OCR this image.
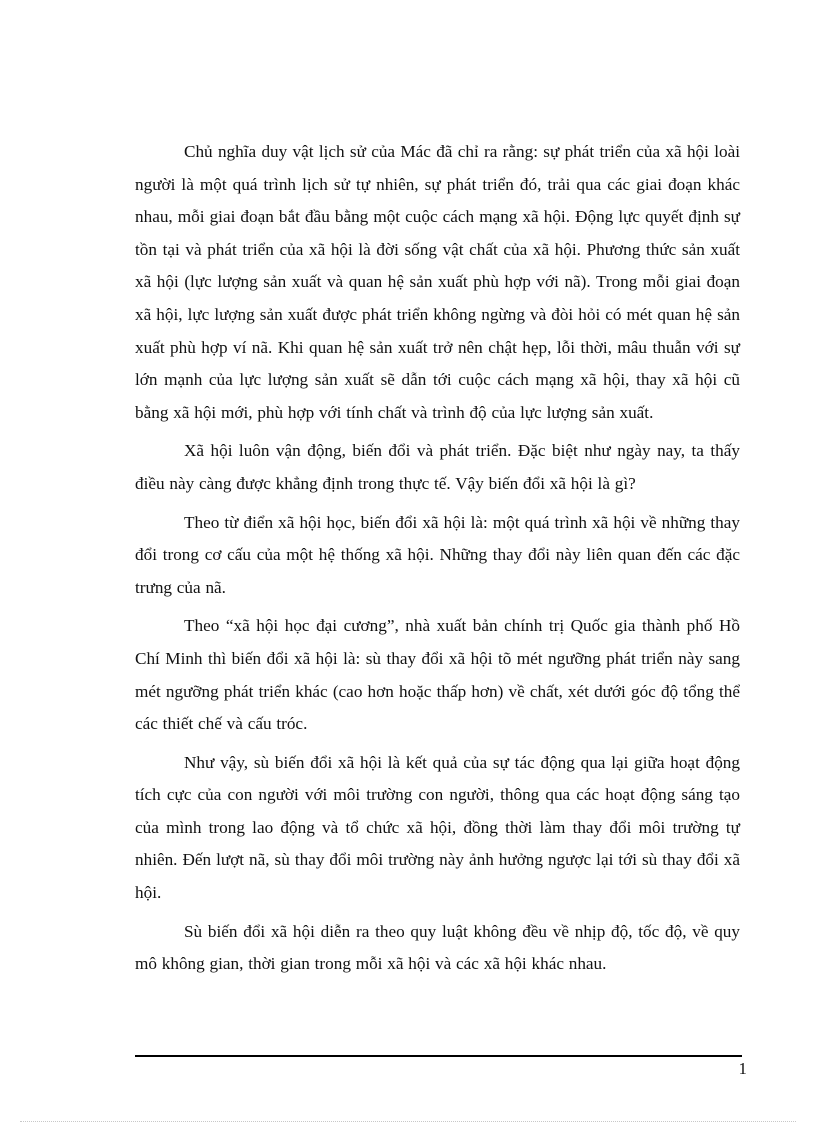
Chủ nghĩa duy vật lịch sử của Mác đã chỉ ra rằng: sự phát triển của xã hội loài người là một quá trình lịch sử tự nhiên, sự phát triển đó, trải qua các giai đoạn khác nhau, mỗi giai đoạn bắt đầu bằng một cuộc cách mạng xã hội. Động lực quyết định sự tồn tại và phát triển của xã hội là đời sống vật chất của xã hội. Phương thức sản xuất xã hội (lực lượng sản xuất và quan hệ sản xuất phù hợp với nã). Trong mỗi giai đoạn xã hội, lực lượng sản xuất được phát triển không ngừng và đòi hỏi có mét quan hệ sản xuất phù hợp ví nã. Khi quan hệ sản xuất trở nên chật hẹp, lỗi thời, mâu thuẫn với sự lớn mạnh của lực lượng sản xuất sẽ dẫn tới cuộc cách mạng xã hội, thay xã hội cũ bằng xã hội mới, phù hợp với tính chất và trình độ của lực lượng sản xuất.

Xã hội luôn vận động, biến đổi và phát triển. Đặc biệt như ngày nay, ta thấy điều này càng được khẳng định trong thực tế. Vậy biến đổi xã hội là gì?

Theo từ điển xã hội học, biến đổi xã hội là: một quá trình xã hội về những thay đổi trong cơ cấu của một hệ thống xã hội. Những thay đổi này liên quan đến các đặc trưng của nã.

Theo “xã hội học đại cương”, nhà xuất bản chính trị Quốc gia thành phố Hồ Chí Minh thì biến đổi xã hội là: sù thay đổi xã hội tõ mét ngưỡng phát triển này sang mét ngưỡng phát triển khác (cao hơn hoặc thấp hơn) về chất, xét dưới góc độ tổng thể các thiết chế và cấu tróc.

Như vậy, sù biến đổi xã hội là kết quả của sự tác động qua lại giữa hoạt động tích cực của con người với môi trường con người, thông qua các hoạt động sáng tạo của mình trong lao động và tổ chức xã hội, đồng thời làm thay đổi môi trường tự nhiên. Đến lượt nã, sù thay đổi môi trường này ảnh hưởng ngược lại tới sù thay đổi xã hội.

Sù biến đổi xã hội diễn ra theo quy luật không đều về nhịp độ, tốc độ, về quy mô không gian, thời gian trong mỗi xã hội và các xã hội khác nhau.

1
